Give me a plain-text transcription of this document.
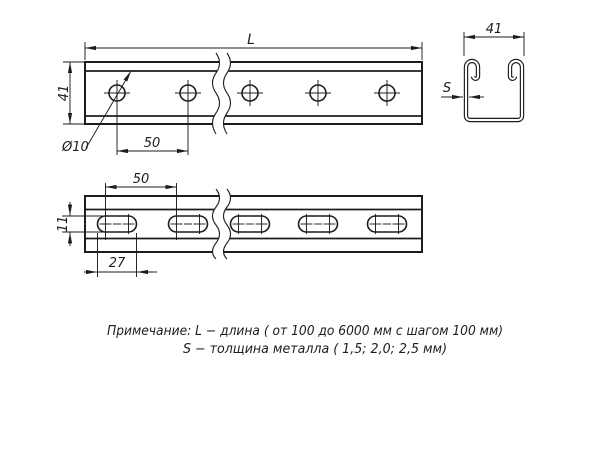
L
41
Ø10	50
50
11
27
41
S
Примечание: L − длина ( от 100 до 6000 мм с шагом 100 мм)
S − толщина металла ( 1,5; 2,0; 2,5 мм)
